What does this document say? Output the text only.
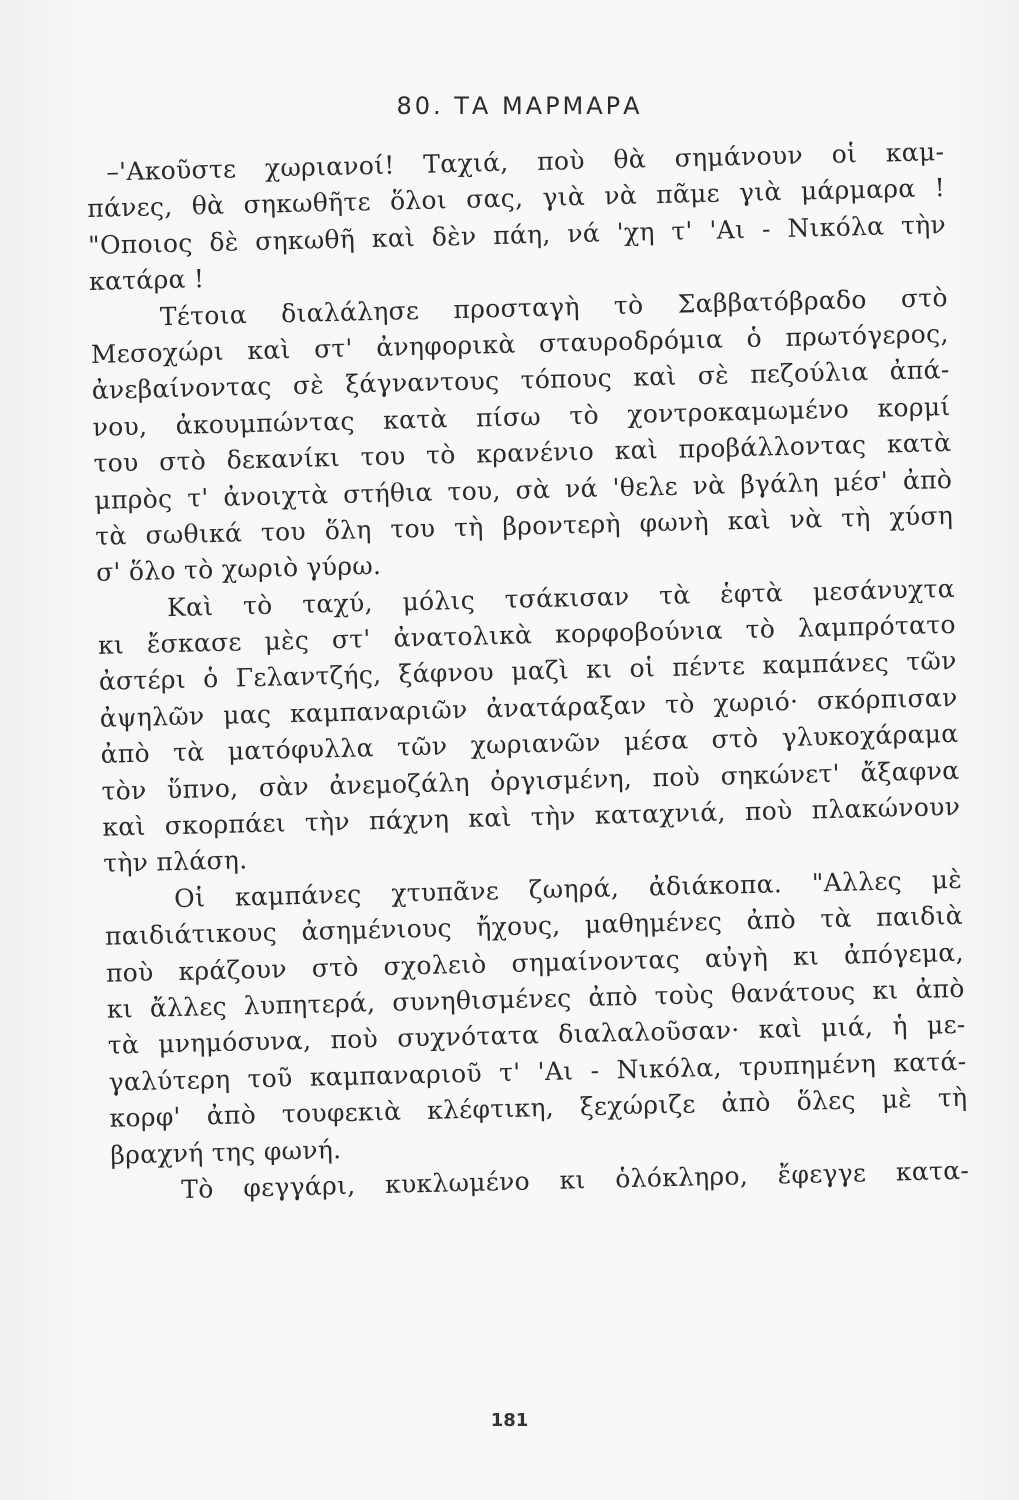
80. ΤΑ ΜΑΡΜΑΡΑ
–'Ακοῦστε χωριανοί! Ταχιά, ποὺ θὰ σημάνουν οἱ καμ-
πάνες, θὰ σηκωθῆτε ὅλοι σας, γιὰ νὰ πᾶμε γιὰ μάρμαρα !
"Οποιος δὲ σηκωθῆ καὶ δὲν πάη, νά 'χη τ' 'Αι - Νικόλα τὴν
κατάρα !
Τέτοια διαλάλησε προσταγὴ τὸ Σαββατόβραδο στὸ
Μεσοχώρι καὶ στ' ἀνηφορικὰ σταυροδρόμια ὁ πρωτόγερος,
ἀνεβαίνοντας σὲ ξάγναντους τόπους καὶ σὲ πεζούλια ἀπά-
νου, ἀκουμπώντας κατὰ πίσω τὸ χοντροκαμωμένο κορμί
του στὸ δεκανίκι του τὸ κρανένιο καὶ προβάλλοντας κατὰ
μπρὸς τ' ἀνοιχτὰ στήθια του, σὰ νά 'θελε νὰ βγάλη μέσ' ἀπὸ
τὰ σωθικά του ὅλη του τὴ βροντερὴ φωνὴ καὶ νὰ τὴ χύση
σ' ὅλο τὸ χωριὸ γύρω.
Καὶ τὸ ταχύ, μόλις τσάκισαν τὰ ἑφτὰ μεσάνυχτα
κι ἔσκασε μὲς στ' ἀνατολικὰ κορφοβούνια τὸ λαμπρότατο
ἀστέρι ὁ Γελαντζής, ξάφνου μαζὶ κι οἱ πέντε καμπάνες τῶν
ἀψηλῶν μας καμπαναριῶν ἀνατάραξαν τὸ χωριό· σκόρπισαν
ἀπὸ τὰ ματόφυλλα τῶν χωριανῶν μέσα στὸ γλυκοχάραμα
τὸν ὕπνο, σὰν ἀνεμοζάλη ὀργισμένη, ποὺ σηκώνετ' ἄξαφνα
καὶ σκορπάει τὴν πάχνη καὶ τὴν καταχνιά, ποὺ πλακώνουν
τὴν πλάση.
Οἱ καμπάνες χτυπᾶνε ζωηρά, ἀδιάκοπα. "Αλλες μὲ
παιδιάτικους ἀσημένιους ἤχους, μαθημένες ἀπὸ τὰ παιδιὰ
ποὺ κράζουν στὸ σχολειὸ σημαίνοντας αὐγὴ κι ἀπόγεμα,
κι ἄλλες λυπητερά, συνηθισμένες ἀπὸ τοὺς θανάτους κι ἀπὸ
τὰ μνημόσυνα, ποὺ συχνότατα διαλαλοῦσαν· καὶ μιά, ἡ με-
γαλύτερη τοῦ καμπαναριοῦ τ' 'Αι - Νικόλα, τρυπημένη κατά-
κορφ' ἀπὸ τουφεκιὰ κλέφτικη, ξεχώριζε ἀπὸ ὅλες μὲ τὴ
βραχνή της φωνή.
Τὸ φεγγάρι, κυκλωμένο κι ὁλόκληρο, ἔφεγγε κατα-
181
